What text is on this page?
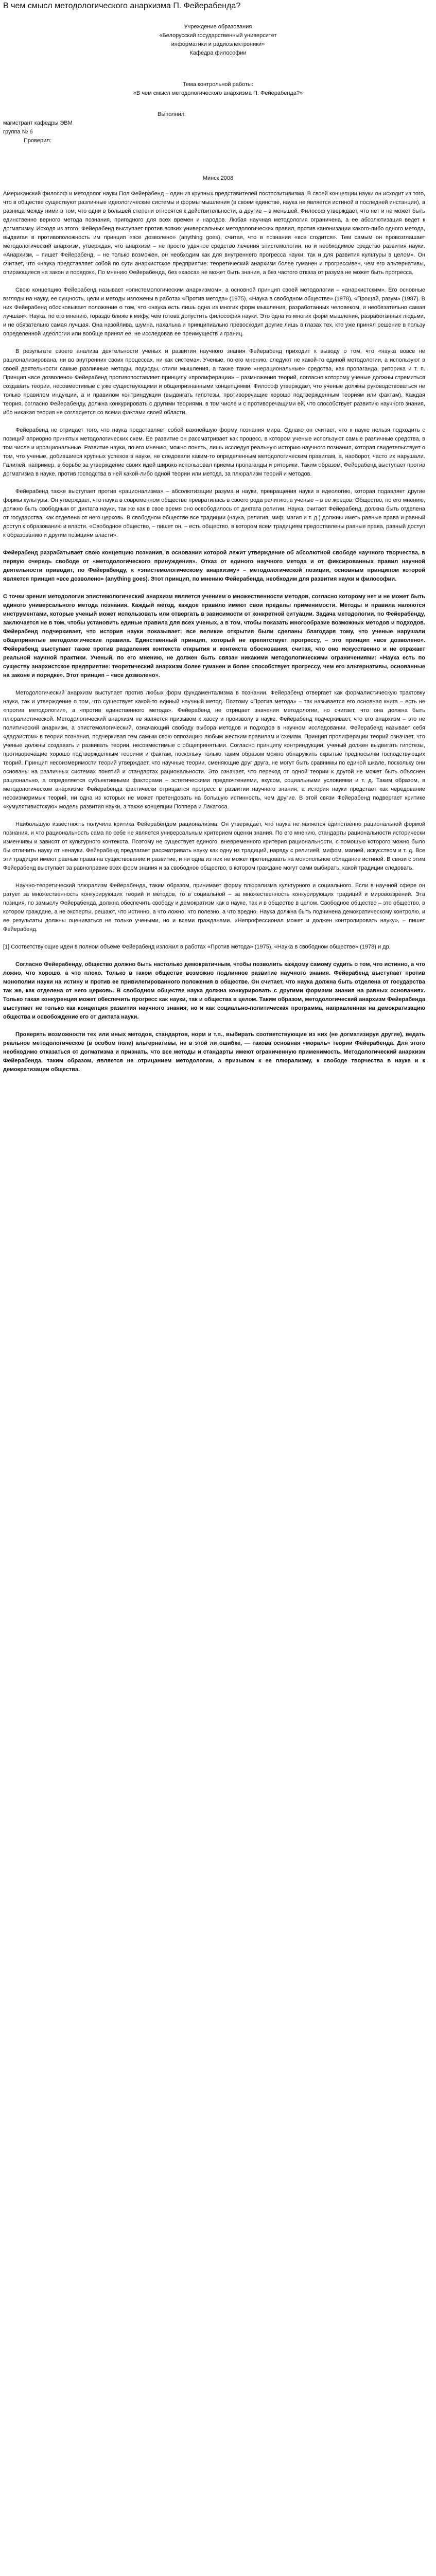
В чем смысл методологического анархизма П. Фейерабенда?
Учреждение образования
«Белорусский государственный университет
информатики и радиоэлектроники»
Кафедра философии
Тема контрольной работы:
«В чем смысл методологического анархизма П. Фейерабенда?»
Выполнил:
магистрант кафедры ЭВМ
группа № 6
Проверил:
Минск 2008

Американский философ и методолог науки Пол Фейерабенд – один из крупных представителей постпозитивизма. В своей концепции науки он исходит из того, что в обществе существуют различные идеологические системы и формы мышления (в своем единстве, наука не является истиной в последней инстанции), а разница между ними в том, что одни в большей степени относятся к действительности, а другие – в меньшей. Философ утверждает, что нет и не может быть единственно верного метода познания, пригодного для всех времен и народов. Любая научная методология ограничена, а ее абсолютизация ведет к догматизму. Исходя из этого, Фейерабенд выступает против всяких универсальных методологических правил, против канонизации какого-либо одного метода, выдвигая в противоположность им принцип «все дозволено» (anything goes), считая, что в познании «все сгодится». Тем самым он провозглашает методологический анархизм, утверждая, что анархизм – не просто удачное средство лечения эпистемологии, но и необходимое средство развития науки. «Анархизм, – пишет Фейерабенд, – не только возможен, он необходим как для внутреннего прогресса науки, так и для развития культуры в целом». Он считает, что «наука представляет собой по сути анархистское предприятие: теоретический анархизм более гуманен и прогрессивен, чем его альтернативы, опирающиеся на закон и порядок». По мнению Фейерабенда, без «хаоса» не может быть знания, а без частого отказа от разума не может быть прогресса.

Свою концепцию Фейерабенд называет «эпистемологическим анархизмом», а основной принцип своей методологии – «анархистским». Его основные взгляды на науку, ее сущность, цели и методы изложены в работах «Против метода» (1975), «Наука в свободном обществе» (1978), «Прощай, разум» (1987). В них Фейерабенд обосновывает положение о том, что «наука есть лишь одна из многих форм мышления, разработанных человеком, и необязательно самая лучшая». Наука, по его мнению, гораздо ближе к мифу, чем готова допустить философия науки. Это одна из многих форм мышления, разработанных людьми, и не обязательно самая лучшая. Она назойлива, шумна, нахальна и принципиально превосходит другие лишь в глазах тех, кто уже принял решение в пользу определенной идеологии или вообще принял ее, не исследовав ее преимуществ и границ.

В результате своего анализа деятельности ученых и развития научного знания Фейерабенд приходит к выводу о том, что «наука вовсе не рационализирована, ни во внутренних своих процессах, ни как система». Ученые, по его мнению, следуют не какой-то единой методологии, а используют в своей деятельности самые различные методы, подходы, стили мышления, а также такие «нерациональные» средства, как пропаганда, риторика и т. п. Принцип «все дозволено» Фейерабенд противопоставляет принципу «пролиферации» – размножения теорий, согласно которому ученые должны стремиться создавать теории, несовместимые с уже существующими и общепризнанными концепциями. Философ утверждает, что ученые должны руководствоваться не только правилом индукции, а и правилом контриндукции (выдвигать гипотезы, противоречащие хорошо подтвержденным теориям или фактам). Каждая теория, согласно Фейерабенду, должна конкурировать с другими теориями, в том числе и с противоречащими ей, что способствует развитию научного знания, ибо никакая теория не согласуется со всеми фактами своей области.

Фейерабенд не отрицает того, что наука представляет собой важнейшую форму познания мира. Однако он считает, что к науке нельзя подходить с позиций априорно принятых методологических схем. Ее развитие он рассматривает как процесс, в котором ученые используют самые различные средства, в том числе и иррациональные. Развитие науки, по его мнению, можно понять, лишь исследуя реальную историю научного познания, которая свидетельствует о том, что ученые, добившиеся крупных успехов в науке, не следовали каким-то определенным методологическим правилам, а, наоборот, часто их нарушали. Галилей, например, в борьбе за утверждение своих идей широко использовал приемы пропаганды и риторики. Таким образом, Фейерабенд выступает против догматизма в науке, против господства в ней какой-либо одной теории или метода, за плюрализм теорий и методов.

Фейерабенд также выступает против «рационализма» – абсолютизации разума и науки, превращения науки в идеологию, которая подавляет другие формы культуры. Он утверждает, что наука в современном обществе превратилась в своего рода религию, а ученые – в ее жрецов. Общество, по его мнению, должно быть свободным от диктата науки, так же как в свое время оно освободилось от диктата религии. Наука, считает Фейерабенд, должна быть отделена от государства, как отделена от него церковь. В свободном обществе все традиции (наука, религия, миф, магия и т. д.) должны иметь равные права и равный доступ к образованию и власти. «Свободное общество, – пишет он, – есть общество, в котором всем традициям предоставлены равные права, равный доступ к образованию и другим позициям власти».

Фейерабенд разрабатывает свою концепцию познания, в основании которой лежит утверждение об абсолютной свободе научного творчества, в первую очередь свободе от «методологического принуждения». Отказ от единого научного метода и от фиксированных правил научной деятельности приводит, по Фейерабенду, к «эпистемологическому анархизму» – методологической позиции, основным принципом которой является принцип «все дозволено» (anything goes). Этот принцип, по мнению Фейерабенда, необходим для развития науки и философии.

С точки зрения методологии эпистемологический анархизм является учением о множественности методов, согласно которому нет и не может быть единого универсального метода познания. Каждый метод, каждое правило имеют свои пределы применимости. Методы и правила являются инструментами, которые ученый может использовать или отвергать в зависимости от конкретной ситуации. Задача методологии, по Фейерабенду, заключается не в том, чтобы установить единые правила для всех ученых, а в том, чтобы показать многообразие возможных методов и подходов. Фейерабенд подчеркивает, что история науки показывает: все великие открытия были сделаны благодаря тому, что ученые нарушали общепринятые методологические правила. Единственный принцип, который не препятствует прогрессу, – это принцип «все дозволено». Фейерабенд выступает также против разделения контекста открытия и контекста обоснования, считая, что оно искусственно и не отражает реальной научной практики. Ученый, по его мнению, не должен быть связан никакими методологическими ограничениями: «Наука есть по существу анархистское предприятие: теоретический анархизм более гуманен и более способствует прогрессу, чем его альтернативы, основанные на законе и порядке». Этот принцип – «все дозволено».

Методологический анархизм выступает против любых форм фундаментализма в познании. Фейерабенд отвергает как формалистическую трактовку науки, так и утверждение о том, что существует какой-то единый научный метод. Поэтому «Против метода» – так называется его основная книга – есть не «против методологии», а «против единственного метода». Фейерабенд не отрицает значения методологии, но считает, что она должна быть плюралистической. Методологический анархизм не является призывом к хаосу и произволу в науке. Фейерабенд подчеркивает, что его анархизм – это не политический анархизм, а эпистемологический, означающий свободу выбора методов и подходов в научном исследовании. Фейерабенд называет себя «дадаистом» в теории познания, подчеркивая тем самым свою оппозицию любым жестким правилам и схемам. Принцип пролиферации теорий означает, что ученые должны создавать и развивать теории, несовместимые с общепринятыми. Согласно принципу контриндукции, ученый должен выдвигать гипотезы, противоречащие хорошо подтвержденным теориям и фактам, поскольку только таким образом можно обнаружить скрытые предпосылки господствующих теорий. Принцип несоизмеримости теорий утверждает, что научные теории, сменяющие друг друга, не могут быть сравнимы по единой шкале, поскольку они основаны на различных системах понятий и стандартах рациональности. Это означает, что переход от одной теории к другой не может быть объяснен рационально, а определяется субъективными факторами – эстетическими предпочтениями, вкусом, социальными условиями и т. д. Таким образом, в методологическом анархизме Фейерабенда фактически отрицается прогресс в развитии научного знания, а история науки предстает как чередование несоизмеримых теорий, ни одна из которых не может претендовать на большую истинность, чем другие. В этой связи Фейерабенд подвергает критике «кумулятивистскую» модель развития науки, а также концепции Поппера и Лакатоса.

Наибольшую известность получила критика Фейерабендом рационализма. Он утверждает, что наука не является единственно рациональной формой познания, и что рациональность сама по себе не является универсальным критерием оценки знания. По его мнению, стандарты рациональности исторически изменчивы и зависят от культурного контекста. Поэтому не существует единого, вневременного критерия рациональности, с помощью которого можно было бы отличить науку от ненауки. Фейерабенд предлагает рассматривать науку как одну из традиций, наряду с религией, мифом, магией, искусством и т. д. Все эти традиции имеют равные права на существование и развитие, и ни одна из них не может претендовать на монопольное обладание истиной. В связи с этим Фейерабенд выступает за равноправие всех форм знания и за свободное общество, в котором граждане могут сами выбирать, какой традиции следовать.

Научно-теоретический плюрализм Фейерабенда, таким образом, принимает форму плюрализма культурного и социального. Если в научной сфере он ратует за множественность конкурирующих теорий и методов, то в социальной – за множественность конкурирующих традиций и мировоззрений. Эта позиция, по замыслу Фейерабенда, должна обеспечить свободу и демократизм как в науке, так и в обществе в целом. Свободное общество – это общество, в котором граждане, а не эксперты, решают, что истинно, а что ложно, что полезно, а что вредно. Наука должна быть подчинена демократическому контролю, и ее результаты должны оцениваться не только учеными, но и всеми гражданами. «Непрофессионал может и должен контролировать науку», – пишет Фейерабенд.

[1] Соответствующие идеи в полном объеме Фейерабенд изложил в работах «Против метода» (1975), «Наука в свободном обществе» (1978) и др.

Согласно Фейерабенду, общество должно быть настолько демократичным, чтобы позволить каждому самому судить о том, что истинно, а что ложно, что хорошо, а что плохо. Только в таком обществе возможно подлинное развитие научного знания. Фейерабенд выступает против монополии науки на истину и против ее привилегированного положения в обществе. Он считает, что наука должна быть отделена от государства так же, как отделена от него церковь. В свободном обществе наука должна конкурировать с другими формами знания на равных основаниях. Только такая конкуренция может обеспечить прогресс как науки, так и общества в целом. Таким образом, методологический анархизм Фейерабенда выступает не только как концепция развития научного знания, но и как социально-политическая программа, направленная на демократизацию общества и освобождение его от диктата науки.

Проверять возможности тех или иных методов, стандартов, норм и т.п., выбирать соответствующие из них (не догматизируя другие), ведать реальное методологическое (в особом поле) альтернативы, не в этой ли ошибке, — такова основная «мораль» теории Фейерабенда. Для этого необходимо отказаться от догматизма и признать, что все методы и стандарты имеют ограниченную применимость. Методологический анархизм Фейерабенда, таким образом, является не отрицанием методологии, а призывом к ее плюрализму, к свободе творчества в науке и к демократизации общества.
